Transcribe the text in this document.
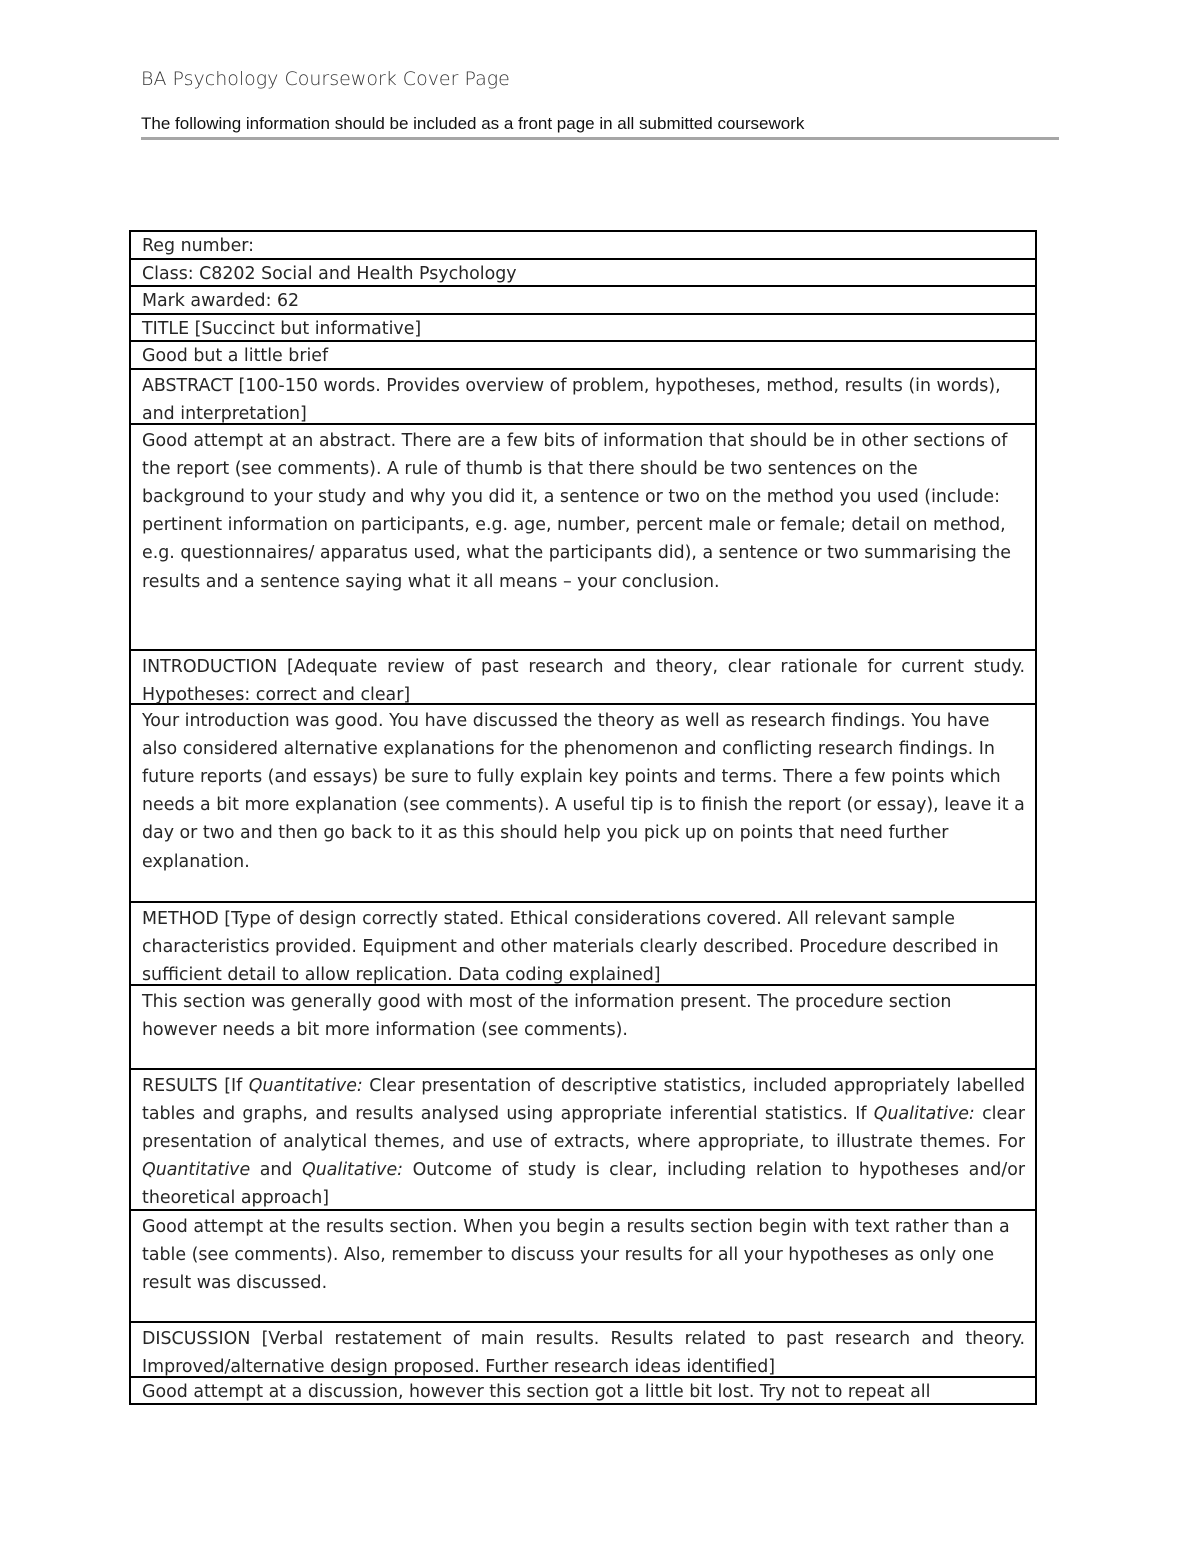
BA Psychology Coursework Cover Page
The following information should be included as a front page in all submitted coursework
Reg number:
Class: C8202 Social and Health Psychology
Mark awarded: 62
TITLE [Succinct but informative]
Good but a little brief
ABSTRACT [100-150 words. Provides overview of problem, hypotheses, method, results (in words), and interpretation]
Good attempt at an abstract. There are a few bits of information that should be in other sections of the report (see comments). A rule of thumb is that there should be two sentences on the background to your study and why you did it, a sentence or two on the method you used (include: pertinent information on participants, e.g. age, number, percent male or female; detail on method, e.g. questionnaires/ apparatus used, what the participants did), a sentence or two summarising the results and a sentence saying what it all means – your conclusion.
INTRODUCTION [Adequate review of past research and theory, clear rationale for current study. Hypotheses: correct and clear]
Your introduction was good. You have discussed the theory as well as research findings. You have also considered alternative explanations for the phenomenon and conflicting research findings. In future reports (and essays) be sure to fully explain key points and terms. There a few points which needs a bit more explanation (see comments). A useful tip is to finish the report (or essay), leave it a day or two and then go back to it as this should help you pick up on points that need further explanation.
METHOD [Type of design correctly stated. Ethical considerations covered. All relevant sample characteristics provided. Equipment and other materials clearly described. Procedure described in sufficient detail to allow replication. Data coding explained]
This section was generally good with most of the information present. The procedure section however needs a bit more information (see comments).
RESULTS [If Quantitative: Clear presentation of descriptive statistics, included appropriately labelled tables and graphs, and results analysed using appropriate inferential statistics. If Qualitative: clear presentation of analytical themes, and use of extracts, where appropriate, to illustrate themes. For Quantitative and Qualitative: Outcome of study is clear, including relation to hypotheses and/or theoretical approach]
Good attempt at the results section. When you begin a results section begin with text rather than a table (see comments). Also, remember to discuss your results for all your hypotheses as only one result was discussed.
DISCUSSION [Verbal restatement of main results. Results related to past research and theory. Improved/alternative design proposed. Further research ideas identified]
Good attempt at a discussion, however this section got a little bit lost. Try not to repeat all
